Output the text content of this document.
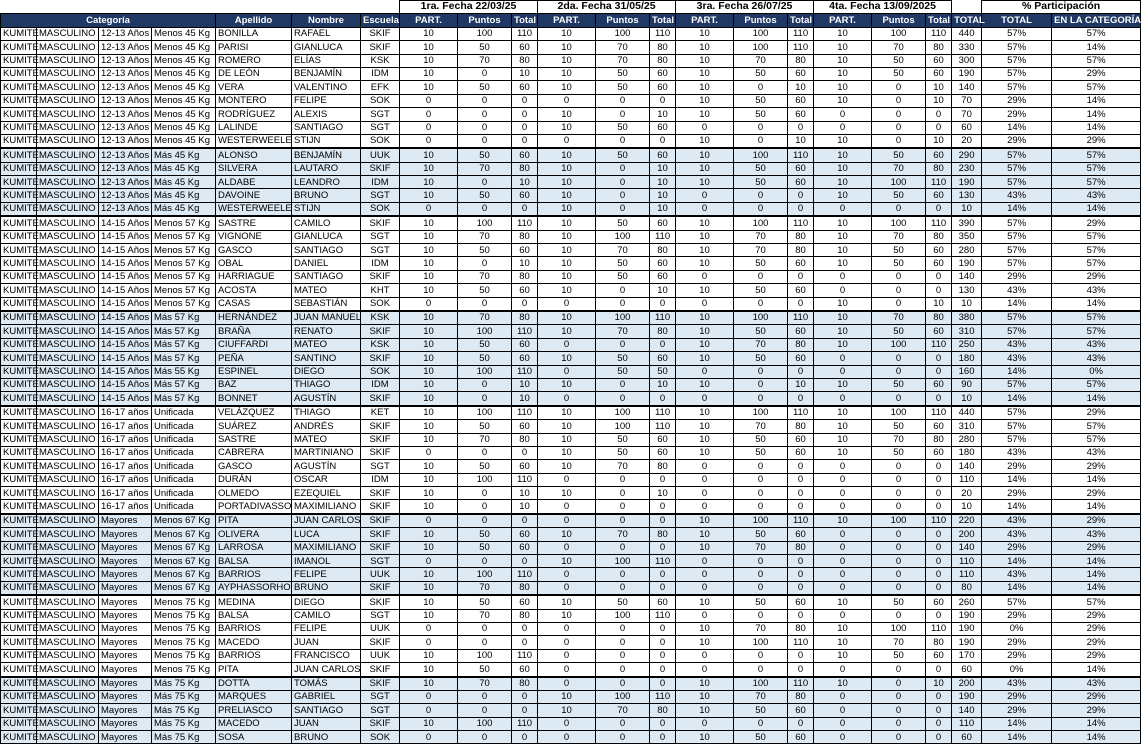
							1ra. Fecha 22/03/25			2da. Fecha 31/05/25			3ra. Fecha 26/07/25			4ta. Fecha 13/09/2025				% Participación	
Categoría				Apellido	Nombre	Escuela	PART.	Puntos	Total	PART.	Puntos	Total	PART.	Puntos	Total	PART.	Puntos	Total	TOTAL	TOTAL	EN LA CATEGORÍA
KUMITE	MASCULINO	12-13 Años	Menos 45 Kg	BONILLA	RAFAEL	SKIF	10	100	110	10	100	110	10	100	110	10	100	110	440	57%	57%
KUMITE	MASCULINO	12-13 Años	Menos 45 Kg	PARISI	GIANLUCA	SKIF	10	50	60	10	70	80	10	100	110	10	70	80	330	57%	14%
KUMITE	MASCULINO	12-13 Años	Menos 45 Kg	ROMERO	ELÍAS	KSK	10	70	80	10	70	80	10	70	80	10	50	60	300	57%	57%
KUMITE	MASCULINO	12-13 Años	Menos 45 Kg	DE LEÓN	BENJAMÍN	IDM	10	0	10	10	50	60	10	50	60	10	50	60	190	57%	29%
KUMITE	MASCULINO	12-13 Años	Menos 45 Kg	VERA	VALENTINO	EFK	10	50	60	10	50	60	10	0	10	10	0	10	140	57%	57%
KUMITE	MASCULINO	12-13 Años	Menos 45 Kg	MONTERO	FELIPE	SOK	0	0	0	0	0	0	10	50	60	10	0	10	70	29%	14%
KUMITE	MASCULINO	12-13 Años	Menos 45 Kg	RODRÍGUEZ	ALEXIS	SGT	0	0	0	10	0	10	10	50	60	0	0	0	70	29%	14%
KUMITE	MASCULINO	12-13 Años	Menos 45 Kg	LALINDE	SANTIAGO	SGT	0	0	0	10	50	60	0	0	0	0	0	0	60	14%	14%
KUMITE	MASCULINO	12-13 Años	Menos 45 Kg	WESTERWEELE	STIJN	SOK	0	0	0	0	0	0	10	0	10	10	0	10	20	29%	29%
KUMITE	MASCULINO	12-13 Años	Más 45 Kg	ALONSO	BENJAMÍN	UUK	10	50	60	10	50	60	10	100	110	10	50	60	290	57%	57%
KUMITE	MASCULINO	12-13 Años	Más 45 Kg	SILVERA	LAUTARO	SKIF	10	70	80	10	0	10	10	50	60	10	70	80	230	57%	57%
KUMITE	MASCULINO	12-13 Años	Más 45 Kg	ALDABE	LEANDRO	IDM	10	0	10	10	0	10	10	50	60	10	100	110	190	57%	57%
KUMITE	MASCULINO	12-13 Años	Más 45 Kg	DAVOINE	BRUNO	SGT	10	50	60	10	0	10	0	0	0	10	50	60	130	43%	43%
KUMITE	MASCULINO	12-13 Años	Más 45 Kg	WESTERWEELE	STIJN	SOK	0	0	0	10	0	10	0	0	0	0	0	0	10	14%	14%
KUMITE	MASCULINO	14-15 Años	Menos 57 Kg	SASTRE	CAMILO	SKIF	10	100	110	10	50	60	10	100	110	10	100	110	390	57%	29%
KUMITE	MASCULINO	14-15 Años	Menos 57 Kg	VIGNONE	GIANLUCA	SGT	10	70	80	10	100	110	10	70	80	10	70	80	350	57%	57%
KUMITE	MASCULINO	14-15 Años	Menos 57 Kg	GASCO	SANTIAGO	SGT	10	50	60	10	70	80	10	70	80	10	50	60	280	57%	57%
KUMITE	MASCULINO	14-15 Años	Menos 57 Kg	OBAL	DANIEL	IDM	10	0	10	10	50	60	10	50	60	10	50	60	190	57%	57%
KUMITE	MASCULINO	14-15 Años	Menos 57 Kg	HARRIAGUE	SANTIAGO	SKIF	10	70	80	10	50	60	0	0	0	0	0	0	140	29%	29%
KUMITE	MASCULINO	14-15 Años	Menos 57 Kg	ACOSTA	MATEO	KHT	10	50	60	10	0	10	10	50	60	0	0	0	130	43%	43%
KUMITE	MASCULINO	14-15 Años	Menos 57 Kg	CASAS	SEBASTIÁN	SOK	0	0	0	0	0	0	0	0	0	10	0	10	10	14%	14%
KUMITE	MASCULINO	14-15 Años	Más 57 Kg	HERNÁNDEZ	JUAN MANUEL	KSK	10	70	80	10	100	110	10	100	110	10	70	80	380	57%	57%
KUMITE	MASCULINO	14-15 Años	Más 57 Kg	BRAÑA	RENATO	SKIF	10	100	110	10	70	80	10	50	60	10	50	60	310	57%	57%
KUMITE	MASCULINO	14-15 Años	Más 57 Kg	CIUFFARDI	MATEO	KSK	10	50	60	0	0	0	10	70	80	10	100	110	250	43%	43%
KUMITE	MASCULINO	14-15 Años	Más 57 Kg	PEÑA	SANTINO	SKIF	10	50	60	10	50	60	10	50	60	0	0	0	180	43%	43%
KUMITE	MASCULINO	14-15 Años	Más 55 Kg	ESPINEL	DIEGO	SOK	10	100	110	0	50	50	0	0	0	0	0	0	160	14%	0%
KUMITE	MASCULINO	14-15 Años	Más 57 Kg	BAZ	THIAGO	IDM	10	0	10	10	0	10	10	0	10	10	50	60	90	57%	57%
KUMITE	MASCULINO	14-15 Años	Más 57 Kg	BONNET	AGUSTÍN	SKIF	10	0	10	0	0	0	0	0	0	0	0	0	10	14%	14%
KUMITE	MASCULINO	16-17 años	Unificada	VELÁZQUEZ	THIAGO	KET	10	100	110	10	100	110	10	100	110	10	100	110	440	57%	29%
KUMITE	MASCULINO	16-17 años	Unificada	SUÁREZ	ANDRÉS	SKIF	10	50	60	10	100	110	10	70	80	10	50	60	310	57%	57%
KUMITE	MASCULINO	16-17 años	Unificada	SASTRE	MATEO	SKIF	10	70	80	10	50	60	10	50	60	10	70	80	280	57%	57%
KUMITE	MASCULINO	16-17 años	Unificada	CABRERA	MARTINIANO	SKIF	0	0	0	10	50	60	10	50	60	10	50	60	180	43%	43%
KUMITE	MASCULINO	16-17 años	Unificada	GASCO	AGUSTÍN	SGT	10	50	60	10	70	80	0	0	0	0	0	0	140	29%	29%
KUMITE	MASCULINO	16-17 años	Unificada	DURÁN	OSCAR	IDM	10	100	110	0	0	0	0	0	0	0	0	0	110	14%	14%
KUMITE	MASCULINO	16-17 años	Unificada	OLMEDO	EZEQUIEL	SKIF	10	0	10	10	0	10	0	0	0	0	0	0	20	29%	29%
KUMITE	MASCULINO	16-17 años	Unificada	PORTADIVASSO	MAXIMILIANO	SKIF	10	0	10	0	0	0	0	0	0	0	0	0	10	14%	14%
KUMITE	MASCULINO	Mayores	Menos 67 Kg	PITA	JUAN CARLOS	SKIF	0	0	0	0	0	0	10	100	110	10	100	110	220	43%	29%
KUMITE	MASCULINO	Mayores	Menos 67 Kg	OLIVERA	LUCA	SKIF	10	50	60	10	70	80	10	50	60	0	0	0	200	43%	43%
KUMITE	MASCULINO	Mayores	Menos 67 Kg	LARROSA	MAXIMILIANO	SKIF	10	50	60	0	0	0	10	70	80	0	0	0	140	29%	29%
KUMITE	MASCULINO	Mayores	Menos 67 Kg	BALSA	IMANOL	SGT	0	0	0	10	100	110	0	0	0	0	0	0	110	14%	14%
KUMITE	MASCULINO	Mayores	Menos 67 Kg	BARRIOS	FELIPE	UUK	10	100	110	0	0	0	0	0	0	0	0	0	110	43%	14%
KUMITE	MASCULINO	Mayores	Menos 67 Kg	AYPHASSORHO	BRUNO	SKIF	10	70	80	0	0	0	0	0	0	0	0	0	80	14%	14%
KUMITE	MASCULINO	Mayores	Menos 75 Kg	MEDINA	DIEGO	SKIF	10	50	60	10	50	60	10	50	60	10	50	60	260	57%	57%
KUMITE	MASCULINO	Mayores	Menos 75 Kg	BALSA	CAMILO	SGT	10	70	80	10	100	110	0	0	0	0	0	0	190	29%	29%
KUMITE	MASCULINO	Mayores	Menos 75 Kg	BARRIOS	FELIPE	UUK	0	0	0	0	0	0	10	70	80	10	100	110	190	0%	29%
KUMITE	MASCULINO	Mayores	Menos 75 Kg	MACEDO	JUAN	SKIF	0	0	0	0	0	0	10	100	110	10	70	80	190	29%	29%
KUMITE	MASCULINO	Mayores	Menos 75 Kg	BARRIOS	FRANCISCO	UUK	10	100	110	0	0	0	0	0	0	10	50	60	170	29%	29%
KUMITE	MASCULINO	Mayores	Menos 75 Kg	PITA	JUAN CARLOS	SKIF	10	50	60	0	0	0	0	0	0	0	0	0	60	0%	14%
KUMITE	MASCULINO	Mayores	Más 75 Kg	DOTTA	TOMÁS	SKIF	10	70	80	0	0	0	10	100	110	10	0	10	200	43%	43%
KUMITE	MASCULINO	Mayores	Más 75 Kg	MARQUES	GABRIEL	SGT	0	0	0	10	100	110	10	70	80	0	0	0	190	29%	29%
KUMITE	MASCULINO	Mayores	Más 75 Kg	PRELIASCO	SANTIAGO	SGT	0	0	0	10	70	80	10	50	60	0	0	0	140	29%	29%
KUMITE	MASCULINO	Mayores	Más 75 Kg	MACEDO	JUAN	SKIF	10	100	110	0	0	0	0	0	0	0	0	0	110	14%	14%
KUMITE	MASCULINO	Mayores	Más 75 Kg	SOSA	BRUNO	SOK	0	0	0	0	0	0	10	50	60	0	0	0	60	14%	14%
